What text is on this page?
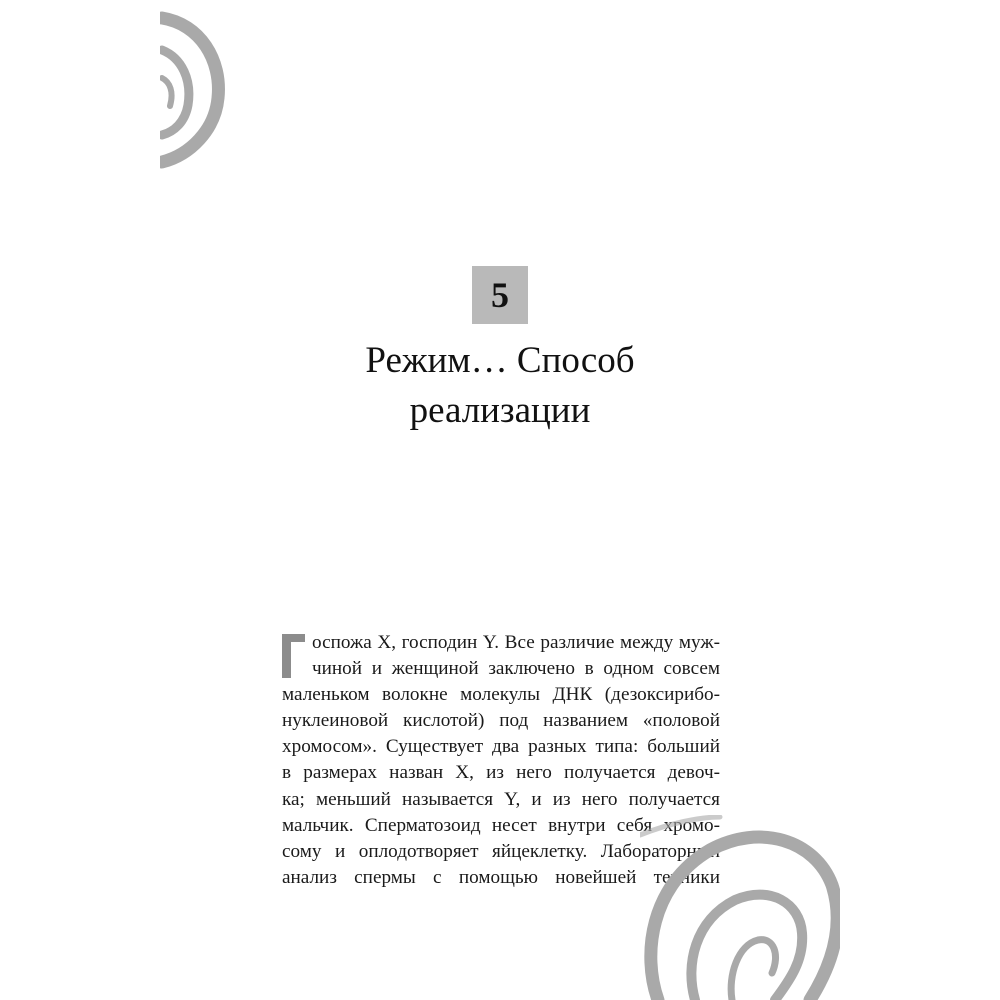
5
Режим… Способ
реализации
оспожа X, господин Y. Все различие между муж-
чиной и женщиной заключено в одном совсем
маленьком волокне молекулы ДНК (дезоксирибо-
нуклеиновой кислотой) под названием «половой
хромосом». Существует два разных типа: больший
в размерах назван X, из него получается девоч-
ка; меньший называется Y, и из него получается
мальчик. Сперматозоид несет внутри себя хромо-
сому и оплодотворяет яйцеклетку. Лабораторный
анализ спермы с помощью новейшей техники
